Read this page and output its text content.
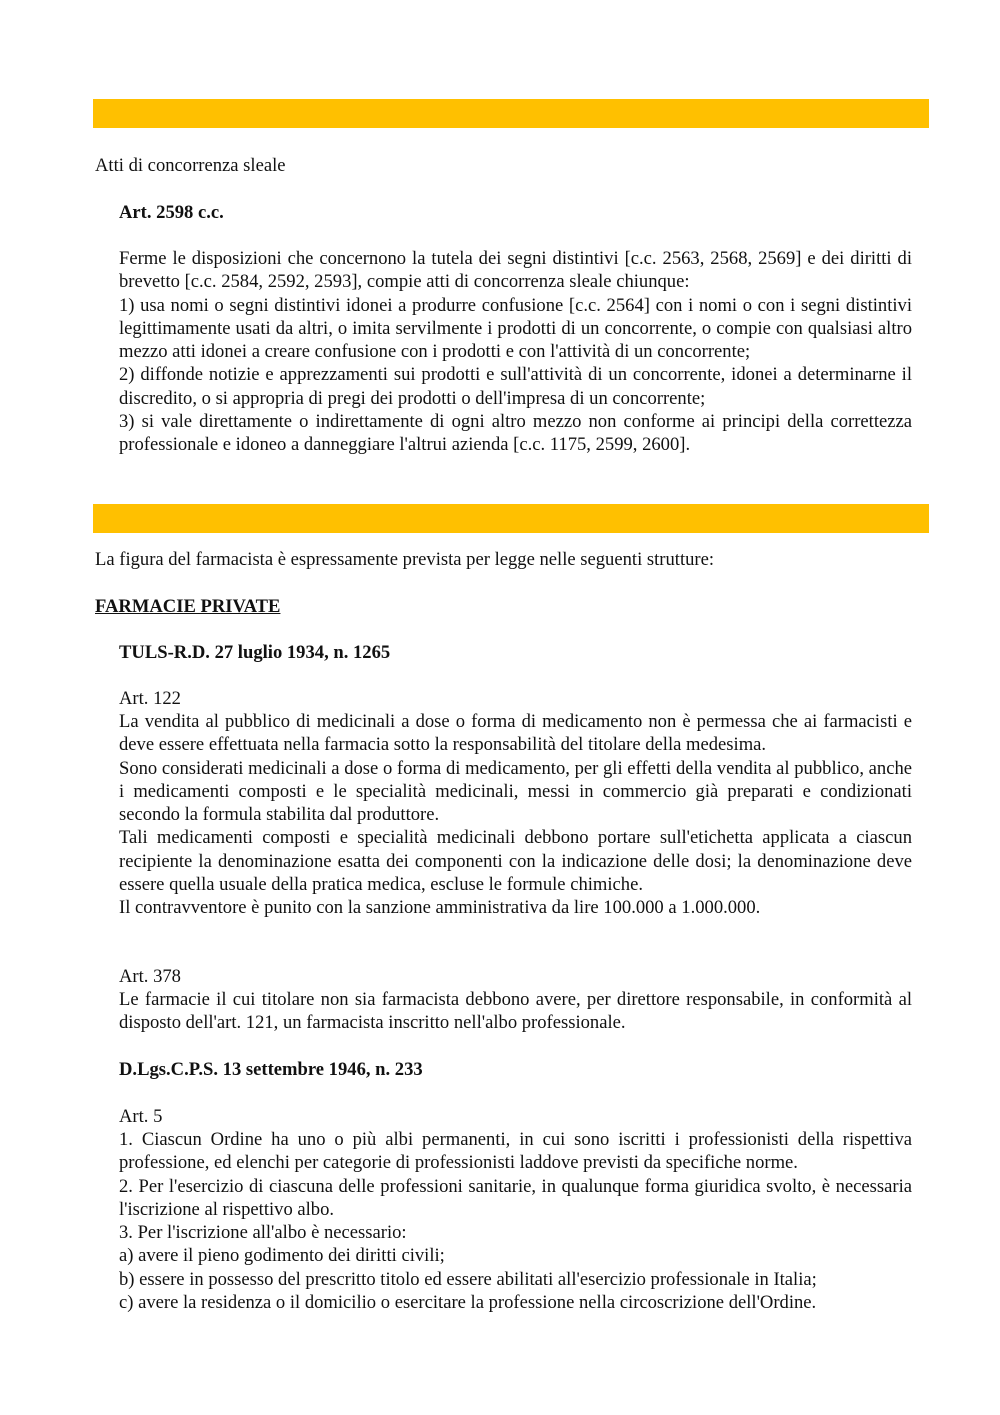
Atti di concorrenza sleale
Art. 2598 c.c.

Ferme le disposizioni che concernono la tutela dei segni distintivi [c.c. 2563, 2568, 2569] e dei diritti di brevetto [c.c. 2584, 2592, 2593], compie atti di concorrenza sleale chiunque:

1) usa nomi o segni distintivi idonei a produrre confusione [c.c. 2564] con i nomi o con i segni distintivi legittimamente usati da altri, o imita servilmente i prodotti di un concorrente, o compie con qualsiasi altro mezzo atti idonei a creare confusione con i prodotti e con l'attività di un concorrente;

2) diffonde notizie e apprezzamenti sui prodotti e sull'attività di un concorrente, idonei a determinarne il discredito, o si appropria di pregi dei prodotti o dell'impresa di un concorrente;

3) si vale direttamente o indirettamente di ogni altro mezzo non conforme ai principi della correttezza professionale e idoneo a danneggiare l'altrui azienda [c.c. 1175, 2599, 2600].

La figura del farmacista è espressamente prevista per legge nelle seguenti strutture:
FARMACIE PRIVATE
TULS-R.D. 27 luglio 1934, n. 1265
Art. 122

La vendita al pubblico di medicinali a dose o forma di medicamento non è permessa che ai farmacisti e deve essere effettuata nella farmacia sotto la responsabilità del titolare della medesima.

Sono considerati medicinali a dose o forma di medicamento, per gli effetti della vendita al pubblico, anche i medicamenti composti e le specialità medicinali, messi in commercio già preparati e condizionati secondo la formula stabilita dal produttore.

Tali medicamenti composti e specialità medicinali debbono portare sull'etichetta applicata a ciascun recipiente la denominazione esatta dei componenti con la indicazione delle dosi; la denominazione deve essere quella usuale della pratica medica, escluse le formule chimiche.

Il contravventore è punito con la sanzione amministrativa da lire 100.000 a 1.000.000.

Art. 378

Le farmacie il cui titolare non sia farmacista debbono avere, per direttore responsabile, in conformità al disposto dell'art. 121, un farmacista inscritto nell'albo professionale.

D.Lgs.C.P.S. 13 settembre 1946, n. 233
Art. 5

1. Ciascun Ordine ha uno o più albi permanenti, in cui sono iscritti i professionisti della rispettiva professione, ed elenchi per categorie di professionisti laddove previsti da specifiche norme.

2. Per l'esercizio di ciascuna delle professioni sanitarie, in qualunque forma giuridica svolto, è necessaria l'iscrizione al rispettivo albo.

3. Per l'iscrizione all'albo è necessario:

a) avere il pieno godimento dei diritti civili;

b) essere in possesso del prescritto titolo ed essere abilitati all'esercizio professionale in Italia;

c) avere la residenza o il domicilio o esercitare la professione nella circoscrizione dell'Ordine.
